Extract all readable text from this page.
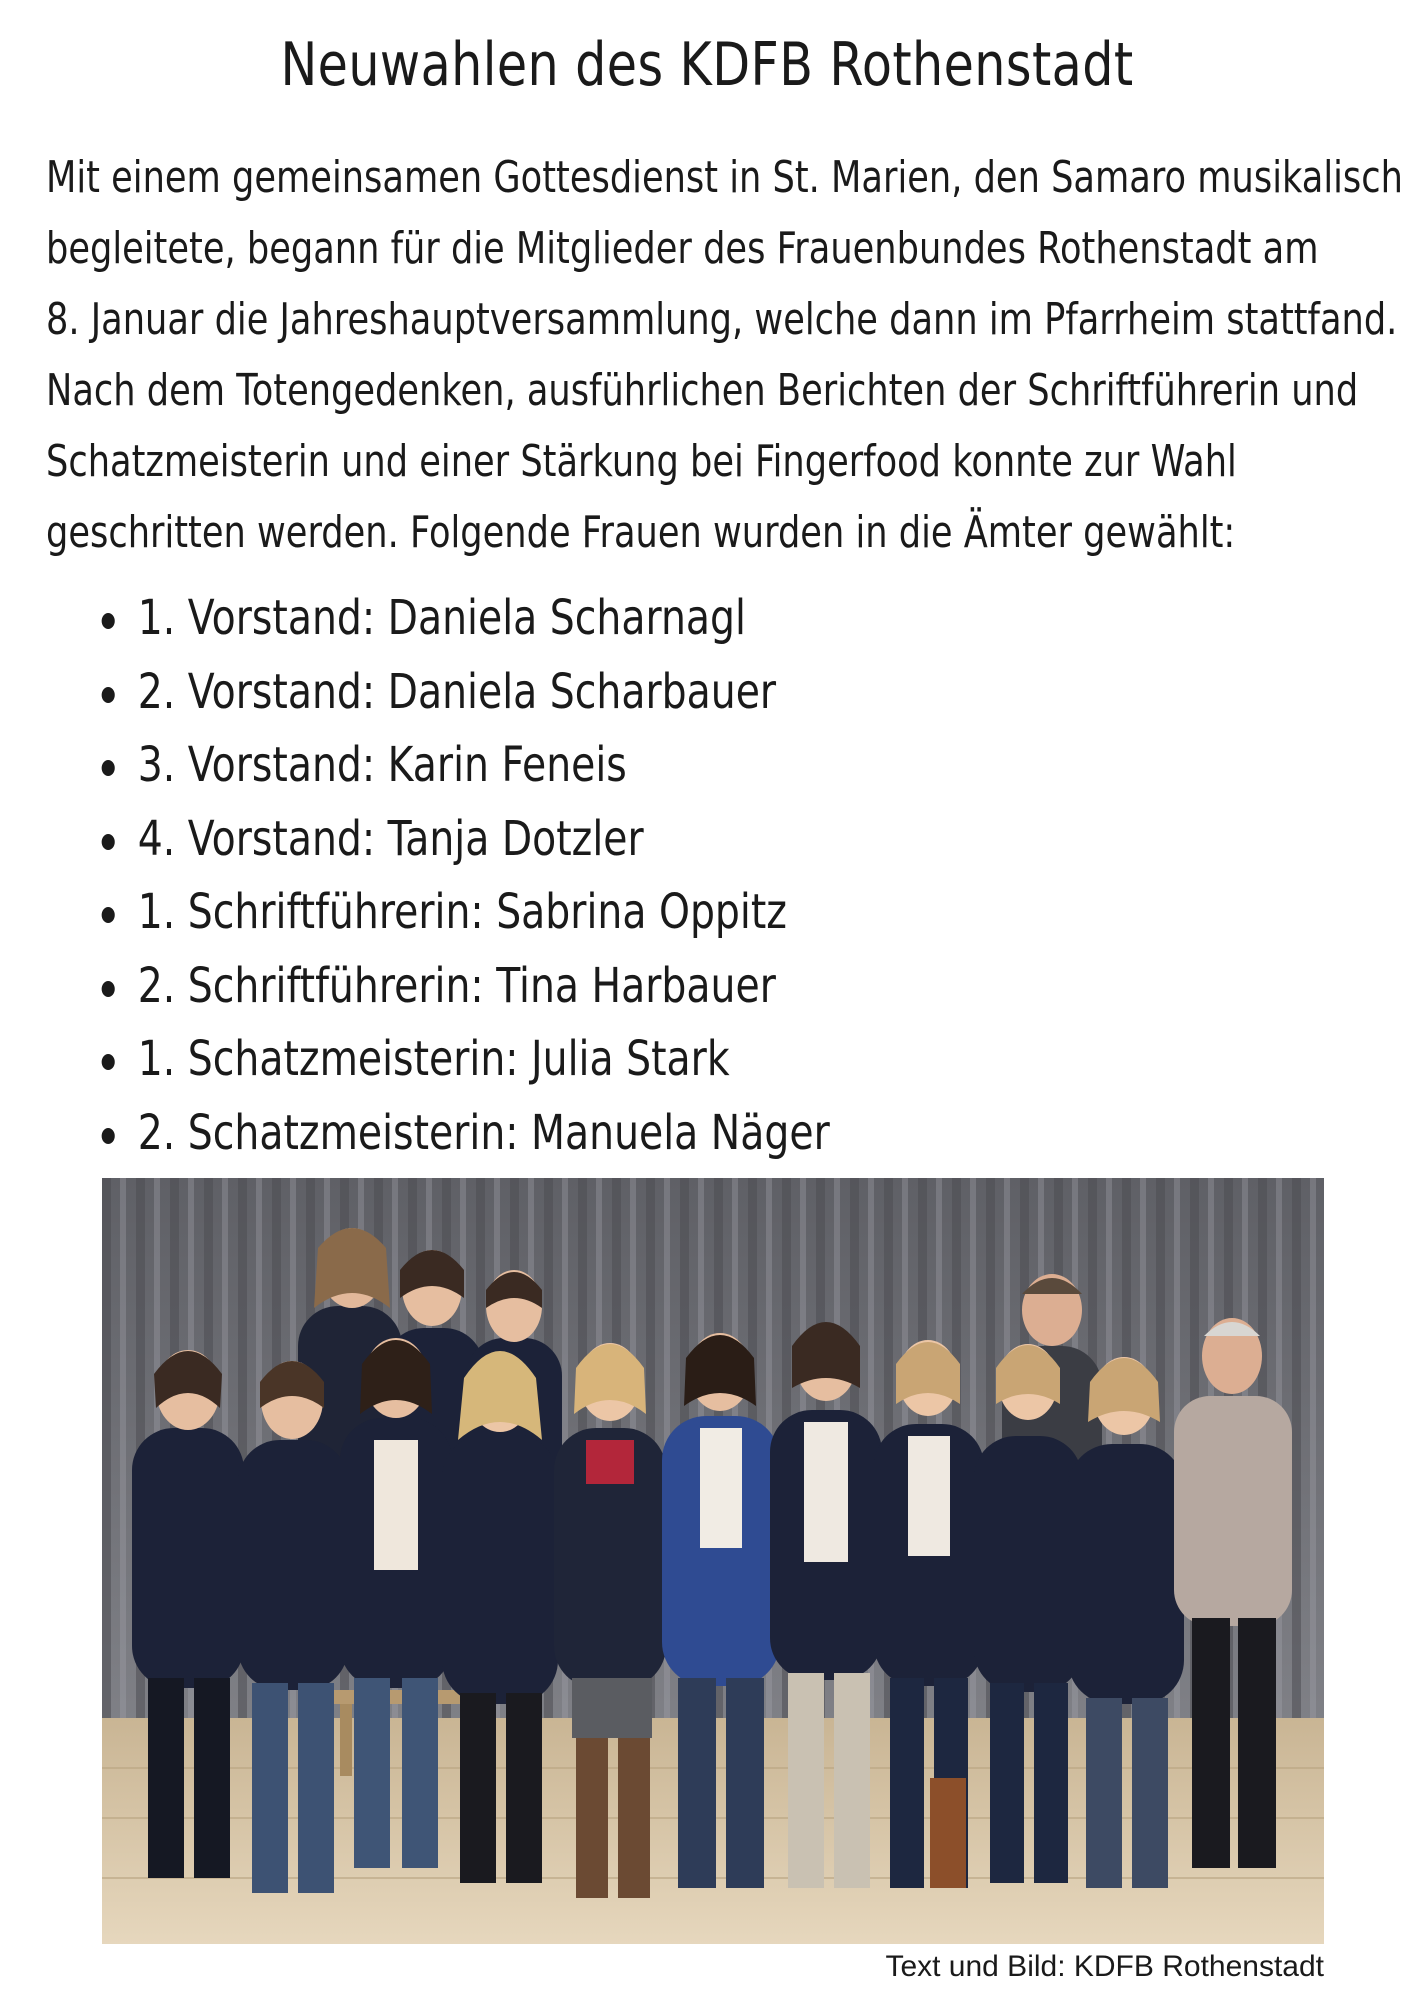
Neuwahlen des KDFB Rothenstadt

Mit einem gemeinsamen Gottesdienst in St. Marien, den Samaro musikalisch
begleitete, begann für die Mitglieder des Frauenbundes Rothenstadt am
8. Januar die Jahreshauptversammlung, welche dann im Pfarrheim stattfand.
Nach dem Totengedenken, ausführlichen Berichten der Schriftführerin und
Schatzmeisterin und einer Stärkung bei Fingerfood konnte zur Wahl
geschritten werden. Folgende Frauen wurden in die Ämter gewählt:

1. Vorstand: Daniela Scharnagl
2. Vorstand: Daniela Scharbauer
3. Vorstand: Karin Feneis
4. Vorstand: Tanja Dotzler
1. Schriftführerin: Sabrina Oppitz
2. Schriftführerin: Tina Harbauer
1. Schatzmeisterin: Julia Stark
2. Schatzmeisterin: Manuela Näger
Text und Bild: KDFB Rothenstadt
